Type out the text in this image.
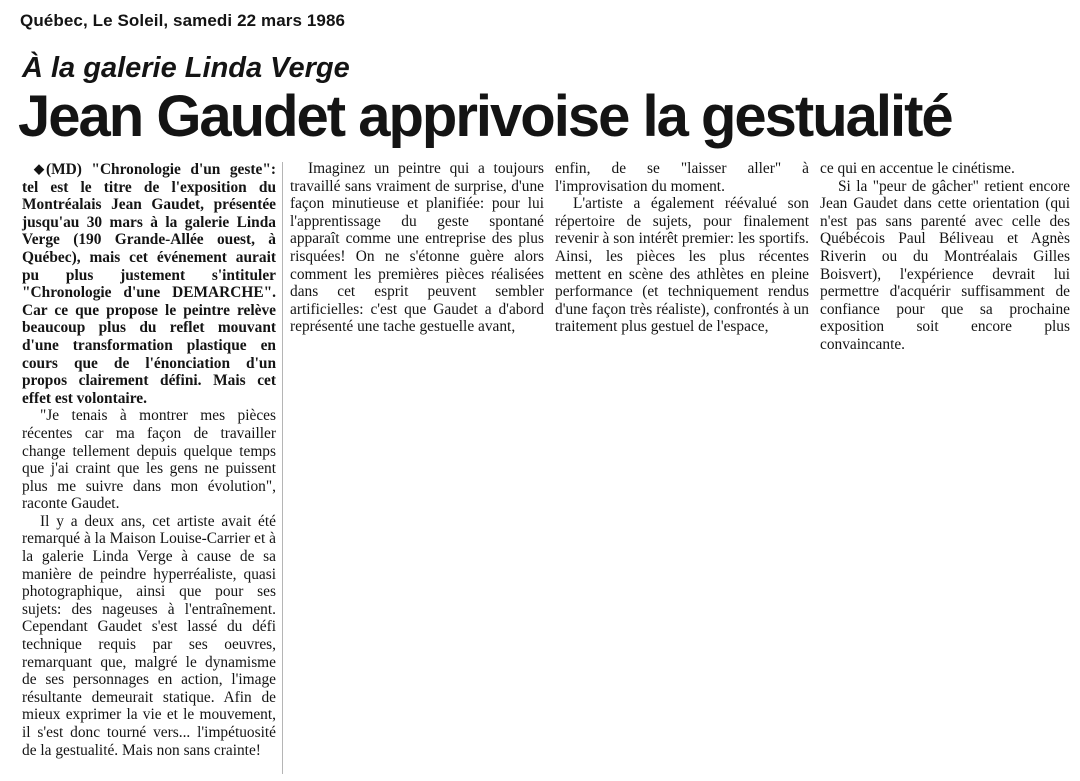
Québec, Le Soleil, samedi 22 mars 1986
À la galerie Linda Verge
Jean Gaudet apprivoise la gestualité

◆ (MD) "Chronologie d'un geste": tel est le titre de l'exposition du Montréalais Jean Gaudet, présentée jusqu'au 30 mars à la galerie Linda Verge (190 Grande-Allée ouest, à Québec), mais cet événement aurait pu plus justement s'intituler "Chronologie d'une DEMARCHE". Car ce que propose le peintre relève beaucoup plus du reflet mouvant d'une transformation plastique en cours que de l'énonciation d'un propos clairement défini. Mais cet effet est volontaire.

"Je tenais à montrer mes pièces récentes car ma façon de travailler change tellement depuis quelque temps que j'ai craint que les gens ne puissent plus me suivre dans mon évolution", raconte Gaudet.

Il y a deux ans, cet artiste avait été remarqué à la Maison Louise-Carrier et à la galerie Linda Verge à cause de sa manière de peindre hyperréaliste, quasi photographique, ainsi que pour ses sujets: des nageuses à l'entraînement. Cependant Gaudet s'est lassé du défi technique requis par ses oeuvres, remarquant que, malgré le dynamisme de ses personnages en action, l'image résultante demeurait statique. Afin de mieux exprimer la vie et le mouvement, il s'est donc tourné vers... l'impétuosité de la gestualité. Mais non sans crainte!

Imaginez un peintre qui a toujours travaillé sans vraiment de surprise, d'une façon minutieuse et planifiée: pour lui l'apprentissage du geste spontané apparaît comme une entreprise des plus risquées! On ne s'étonne guère alors comment les premières pièces réalisées dans cet esprit peuvent sembler artificielles: c'est que Gaudet a d'abord représenté une tache gestuelle avant,

enfin, de se "laisser aller" à l'improvisation du moment.

L'artiste a également réévalué son répertoire de sujets, pour finalement revenir à son intérêt premier: les sportifs. Ainsi, les pièces les plus récentes mettent en scène des athlètes en pleine performance (et techniquement rendus d'une façon très réaliste), confrontés à un traitement plus gestuel de l'espace,

ce qui en accentue le cinétisme.

Si la "peur de gâcher" retient encore Jean Gaudet dans cette orientation (qui n'est pas sans parenté avec celle des Québécois Paul Béliveau et Agnès Riverin ou du Montréalais Gilles Boisvert), l'expérience devrait lui permettre d'acquérir suffisamment de confiance pour que sa prochaine exposition soit encore plus convaincante.
